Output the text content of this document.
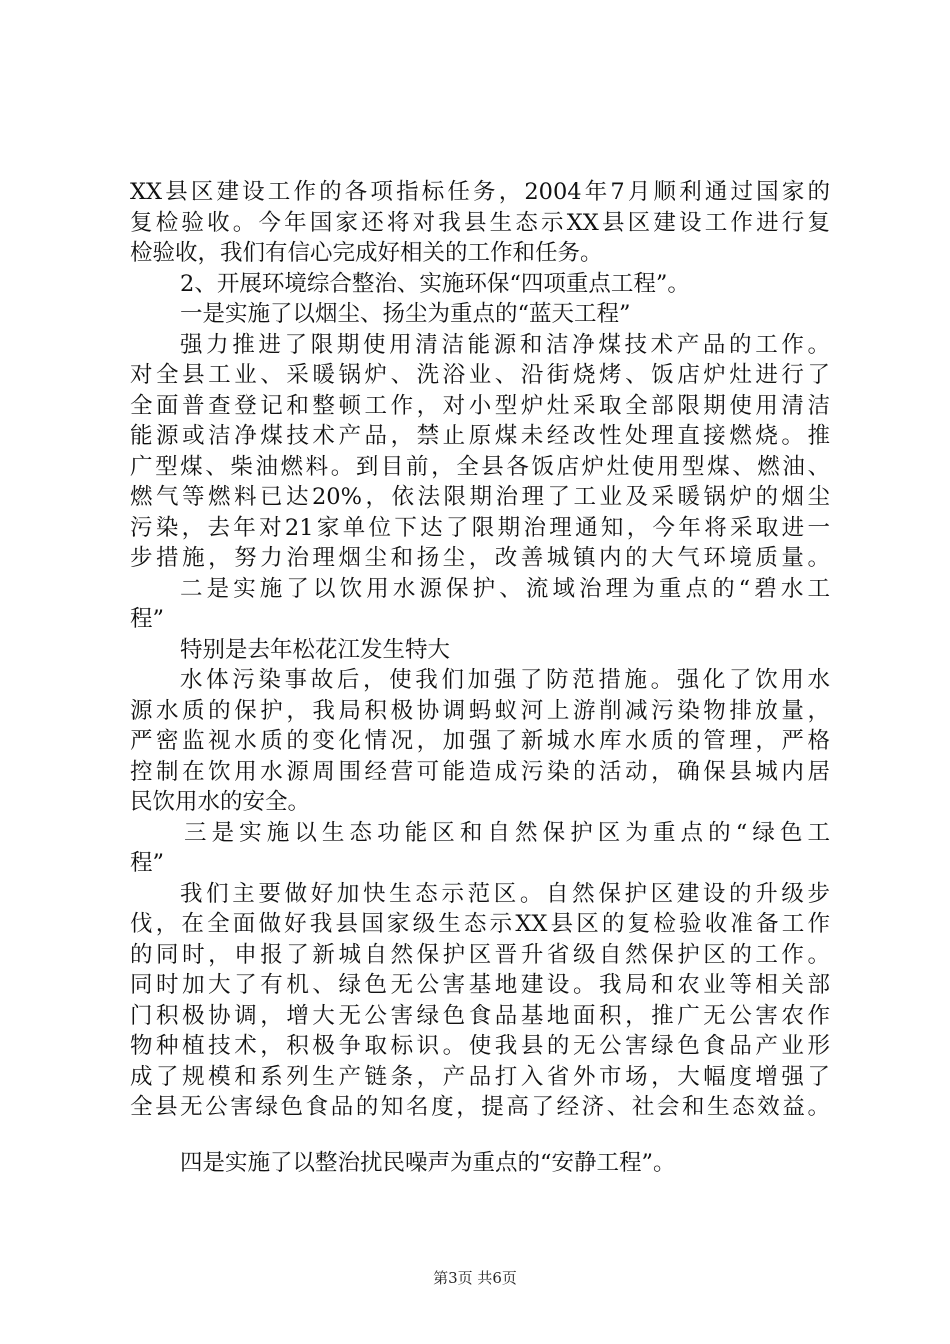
XX县区建设工作的各项指标任务，2004年7月顺利通过国家的
复检验收。今年国家还将对我县生态示XX县区建设工作进行复
检验收，我们有信心完成好相关的工作和任务。
2、开展环境综合整治、实施环保“四项重点工程”。
一是实施了以烟尘、扬尘为重点的“蓝天工程”
强力推进了限期使用清洁能源和洁净煤技术产品的工作。
对全县工业、采暖锅炉、洗浴业、沿街烧烤、饭店炉灶进行了
全面普查登记和整顿工作，对小型炉灶采取全部限期使用清洁
能源或洁净煤技术产品，禁止原煤未经改性处理直接燃烧。推
广型煤、柴油燃料。到目前，全县各饭店炉灶使用型煤、燃油、
燃气等燃料已达20%，依法限期治理了工业及采暖锅炉的烟尘
污染，去年对21家单位下达了限期治理通知，今年将采取进一
步措施，努力治理烟尘和扬尘，改善城镇内的大气环境质量。
二是实施了以饮用水源保护、流域治理为重点的“碧水工
程”
特别是去年松花江发生特大
水体污染事故后，使我们加强了防范措施。强化了饮用水
源水质的保护，我局积极协调蚂蚁河上游削减污染物排放量，
严密监视水质的变化情况，加强了新城水库水质的管理，严格
控制在饮用水源周围经营可能造成污染的活动，确保县城内居
民饮用水的安全。
三是实施以生态功能区和自然保护区为重点的“绿色工
程”
我们主要做好加快生态示范区。自然保护区建设的升级步
伐，在全面做好我县国家级生态示XX县区的复检验收准备工作
的同时，申报了新城自然保护区晋升省级自然保护区的工作。
同时加大了有机、绿色无公害基地建设。我局和农业等相关部
门积极协调，增大无公害绿色食品基地面积，推广无公害农作
物种植技术，积极争取标识。使我县的无公害绿色食品产业形
成了规模和系列生产链条，产品打入省外市场，大幅度增强了
全县无公害绿色食品的知名度，提高了经济、社会和生态效益。
四是实施了以整治扰民噪声为重点的“安静工程”。
第3页 共6页
